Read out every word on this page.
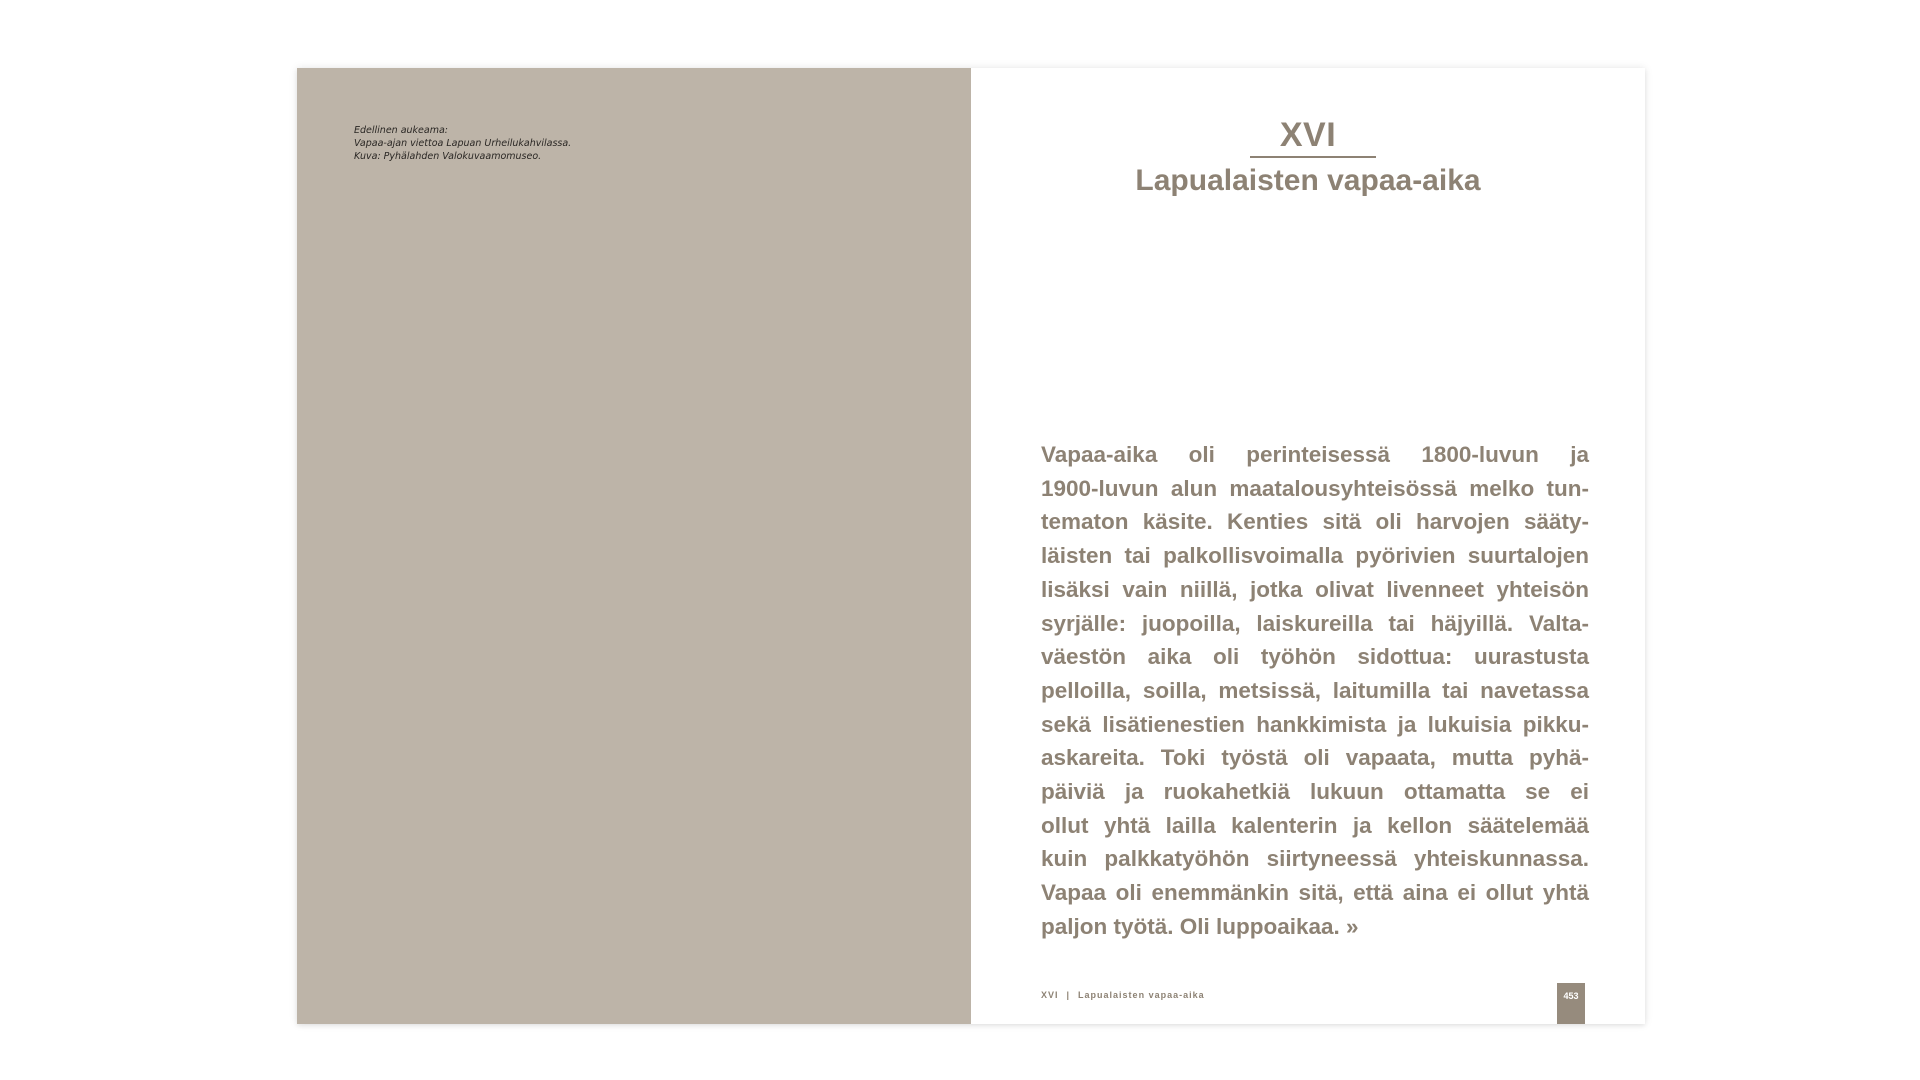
Edellinen aukeama:
Vapaa-ajan viettoa Lapuan Urheilukahvilassa.
Kuva: Pyhälahden Valokuvaamomuseo.
XVI
Lapualaisten vapaa-aika
Vapaa-aika oli perinteisessä 1800-luvun ja
1900-luvun alun maatalousyhteisössä melko tun-
tematon käsite. Kenties sitä oli harvojen sääty-
läisten tai palkollisvoimalla pyörivien suurtalojen
lisäksi vain niillä, jotka olivat livenneet yhteisön
syrjälle: juopoilla, laiskureilla tai häjyillä. Valta-
väestön aika oli työhön sidottua: uurastusta
pelloilla, soilla, metsissä, laitumilla tai navetassa
sekä lisätienestien hankkimista ja lukuisia pikku-
askareita. Toki työstä oli vapaata, mutta pyhä-
päiviä ja ruokahetkiä lukuun ottamatta se ei
ollut yhtä lailla kalenterin ja kellon säätelemää
kuin palkkatyöhön siirtyneessä yhteiskunnassa.
Vapaa oli enemmänkin sitä, että aina ei ollut yhtä
paljon työtä. Oli luppoaikaa. »
XVI | Lapualaisten vapaa-aika	453
